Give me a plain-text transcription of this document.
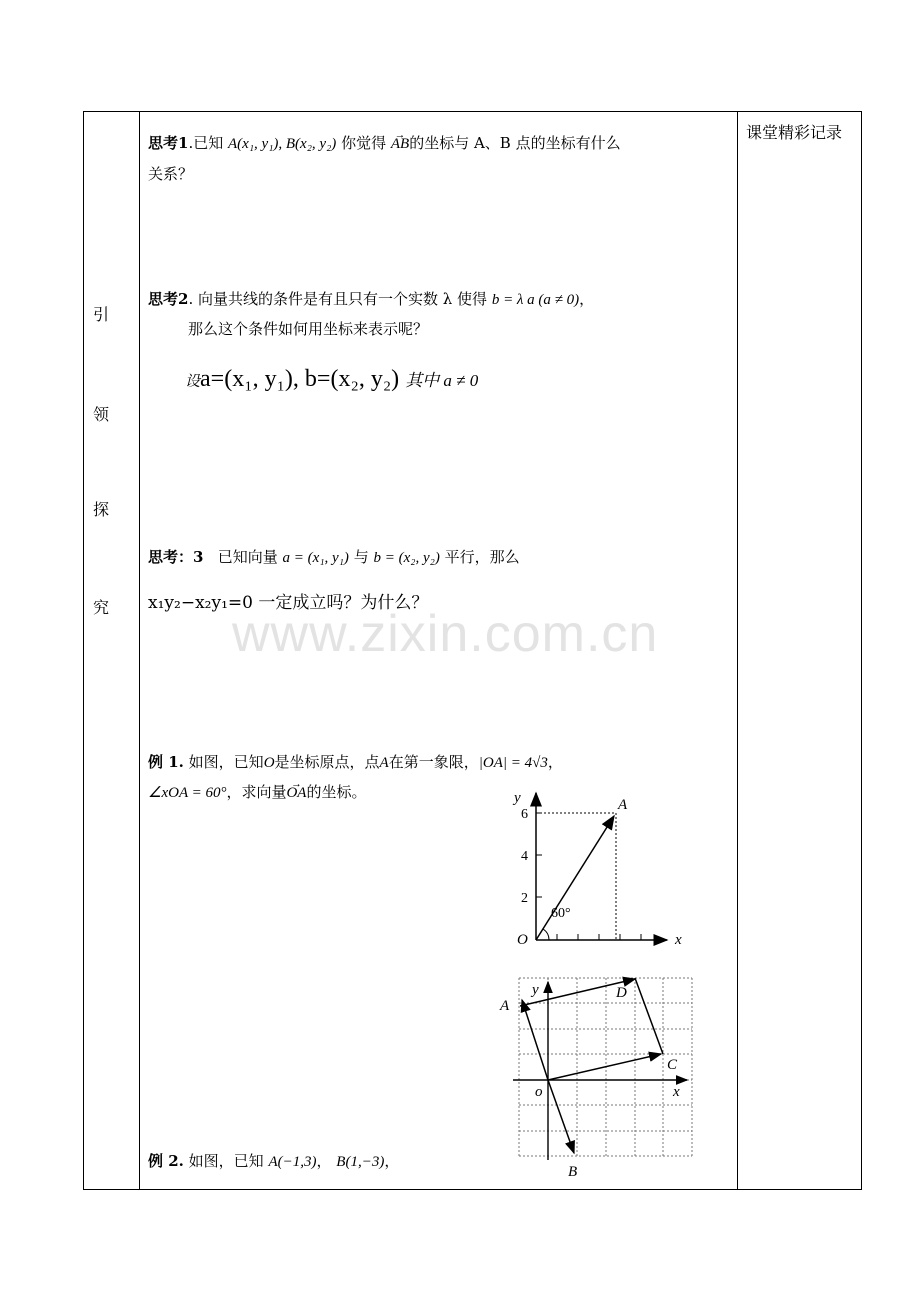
引
领
探
究
课堂精彩记录
www.zixin.com.cn
思考1.已知 A(x₁, y₁), B(x₂, y₂) 你觉得 → AB的坐标与 A、B 点的坐标有什么
关系？
思考2. 向量共线的条件是有且只有一个实数 λ 使得 b = λ a (a ≠ 0)，
那么这个条件如何用坐标来表示呢？
设a=(x₁, y₁), b=(x₂, y₂) 其中 a ≠ 0
思考：3 已知向量 a = (x₁, y₁) 与 b = (x₂, y₂) 平行，那么
x₁y₂−x₂y₁=0 一定成立吗？为什么？
例 1. 如图，已知O是坐标原点，点A在第一象限，|OA| = 4√3，
∠xOA = 60°，求向量→ OA的坐标。
x
y
O
A
60°
6
4
2
A
B
C
D
x
y
o
例 2. 如图，已知 A(−1,3)， B(1,−3)，
